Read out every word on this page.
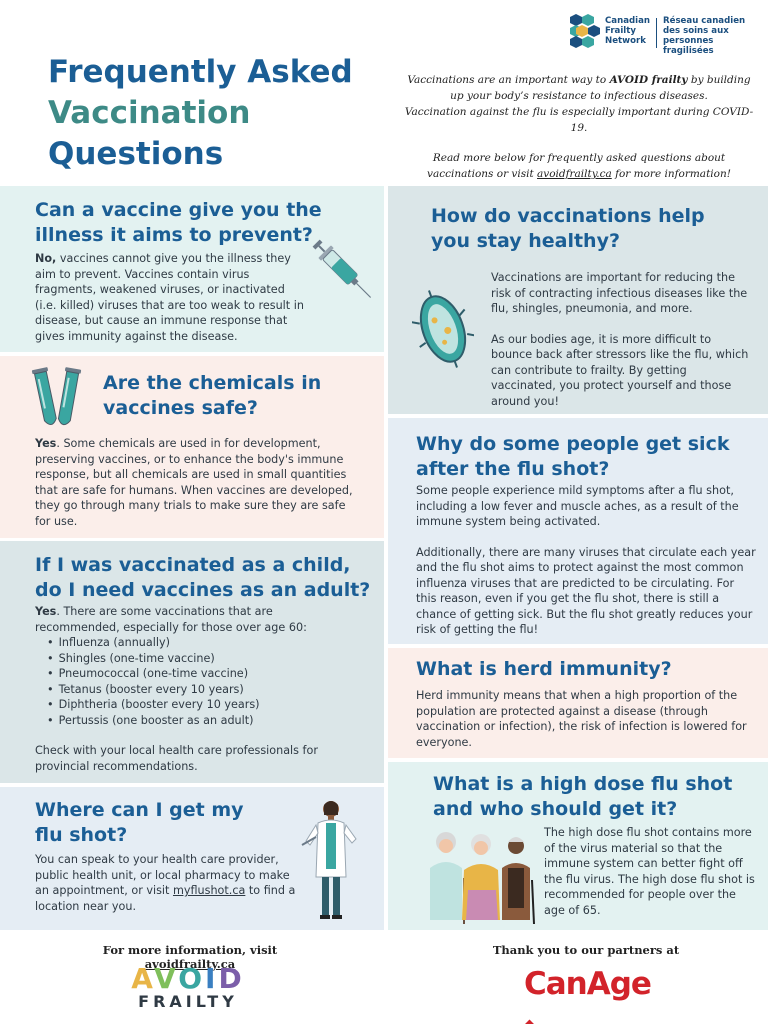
Frequently Asked
Vaccination
Questions
Canadian
Frailty
Network
Réseau canadien
des soins aux
personnes fragilisées

Vaccinations are an important way to AVOID frailty by building up your body’s resistance to infectious diseases.
Vaccination against the flu is especially important during COVID-19.

Read more below for frequently asked questions about vaccinations or visit avoidfrailty.ca for more information!

Can a vaccine give you the illness it aims to prevent?
No, vaccines cannot give you the illness they aim to prevent. Vaccines contain virus fragments, weakened viruses, or inactivated (i.e. killed) viruses that are too weak to result in disease, but cause an immune response that gives immunity against the disease.
Are the chemicals in vaccines safe?
Yes. Some chemicals are used in for development, preserving vaccines, or to enhance the body's immune response, but all chemicals are used in small quantities that are safe for humans. When vaccines are developed, they go through many trials to make sure they are safe for use.
If I was vaccinated as a child, do I need vaccines as an adult?
Yes. There are some vaccinations that are recommended, especially for those over age 60:
• Influenza (annually)
• Shingles (one-time vaccine)
• Pneumococcal (one-time vaccine)
• Tetanus (booster every 10 years)
• Diphtheria (booster every 10 years)
• Pertussis (one booster as an adult)
Check with your local health care professionals for provincial recommendations.
Where can I get my flu shot?
You can speak to your health care provider, public health unit, or local pharmacy to make an appointment, or visit myflushot.ca to find a location near you.
How do vaccinations help you stay healthy?
Vaccinations are important for reducing the risk of contracting infectious diseases like the flu, shingles, pneumonia, and more.
As our bodies age, it is more difficult to bounce back after stressors like the flu, which can contribute to frailty. By getting vaccinated, you protect yourself and those around you!
Why do some people get sick after the flu shot?
Some people experience mild symptoms after a flu shot, including a low fever and muscle aches, as a result of the immune system being activated.
Additionally, there are many viruses that circulate each year and the flu shot aims to protect against the most common influenza viruses that are predicted to be circulating. For this reason, even if you get the flu shot, there is still a chance of getting sick. But the flu shot greatly reduces your risk of getting the flu!
What is herd immunity?
Herd immunity means that when a high proportion of the population are protected against a disease (through vaccination or infection), the risk of infection is lowered for everyone.
What is a high dose flu shot and who should get it?
The high dose flu shot contains more of the virus material so that the immune system can better fight off the flu virus. The high dose flu shot is recommended for people over the age of 65.
For more information, visit avoidfrailty.ca
Thank you to our partners at
AVOID
FRAILTY	CanAge
